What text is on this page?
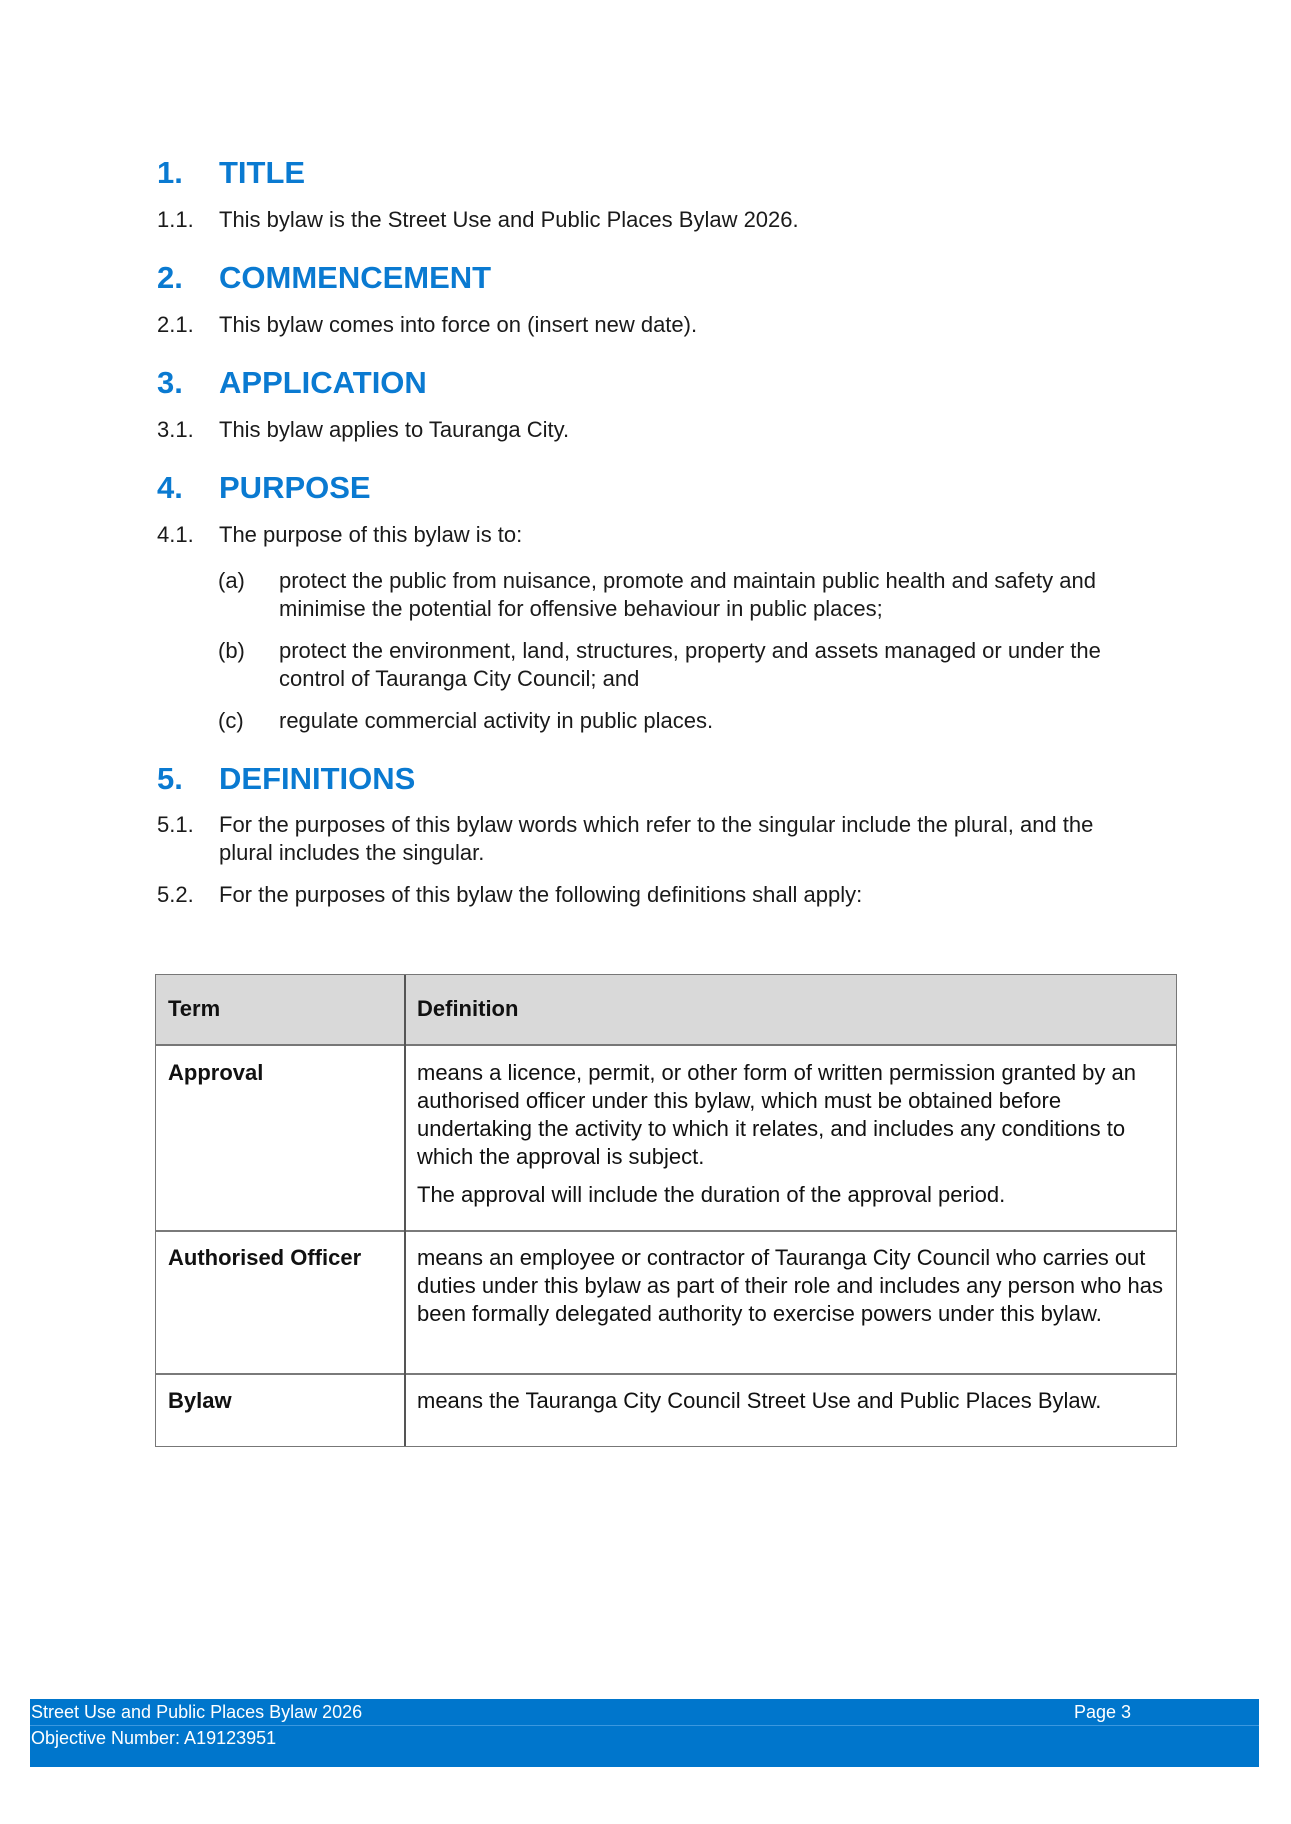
1. TITLE
1.1. This bylaw is the Street Use and Public Places Bylaw 2026.
2. COMMENCEMENT
2.1. This bylaw comes into force on (insert new date).
3. APPLICATION
3.1. This bylaw applies to Tauranga City.
4. PURPOSE
4.1. The purpose of this bylaw is to:
(a) protect the public from nuisance, promote and maintain public health and safety and minimise the potential for offensive behaviour in public places;
(b) protect the environment, land, structures, property and assets managed or under the control of Tauranga City Council; and
(c) regulate commercial activity in public places.
5. DEFINITIONS
5.1. For the purposes of this bylaw words which refer to the singular include the plural, and the plural includes the singular.
5.2. For the purposes of this bylaw the following definitions shall apply:
Term	Definition
Approval	means a licence, permit, or other form of written permission granted by an authorised officer under this bylaw, which must be obtained before undertaking the activity to which it relates, and includes any conditions to which the approval is subject.

The approval will include the duration of the approval period.

Authorised Officer	means an employee or contractor of Tauranga City Council who carries out duties under this bylaw as part of their role and includes any person who has been formally delegated authority to exercise powers under this bylaw.

Bylaw	means the Tauranga City Council Street Use and Public Places Bylaw.

Street Use and Public Places Bylaw 2026
Objective Number: A19123951
Page 3
